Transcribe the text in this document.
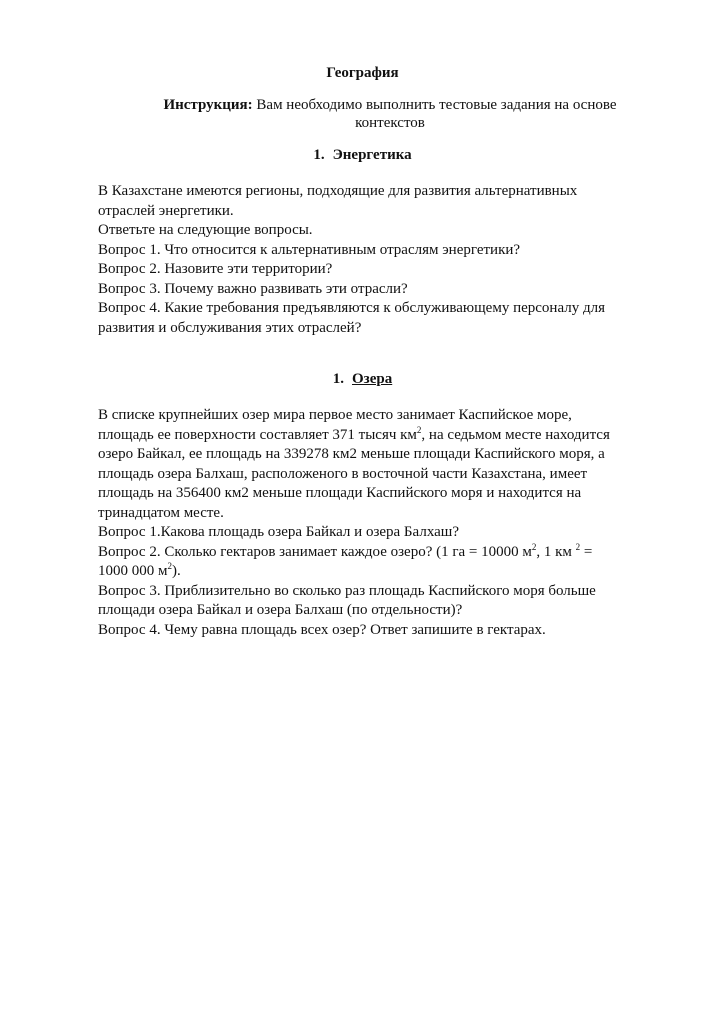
География
Инструкция: Вам необходимо выполнить тестовые задания на основе
контекстов
1. Энергетика
В Казахстане имеются регионы, подходящие для развития альтернативных
отраслей энергетики.
Ответьте на следующие вопросы.
Вопрос 1. Что относится к альтернативным отраслям энергетики?
Вопрос 2. Назовите эти территории?
Вопрос 3. Почему важно развивать эти отрасли?
Вопрос 4. Какие требования предъявляются к обслуживающему персоналу для
развития и обслуживания этих отраслей?
1. Озера
В списке крупнейших озер мира первое место занимает Каспийское море,
площадь ее поверхности составляет 371 тысяч $км^2$, на седьмом месте находится
озеро Байкал, ее площадь на 339278 км2 меньше площади Каспийского моря, а
площадь озера Балхаш, расположеного в восточной части Казахстана, имеет
площадь на 356400 км2 меньше площади Каспийского моря и находится на
тринадцатом месте.
Вопрос 1.Какова площадь озера Байкал и озера Балхаш?
Вопрос 2. Сколько гектаров занимает каждое озеро? (1 га = 10000 $м^2$, 1 км $^2$ =
1000 000 $м^2$).
Вопрос 3. Приблизительно во сколько раз площадь Каспийского моря больше
площади озера Байкал и озера Балхаш (по отдельности)?
Вопрос 4. Чему равна площадь всех озер? Ответ запишите в гектарах.
